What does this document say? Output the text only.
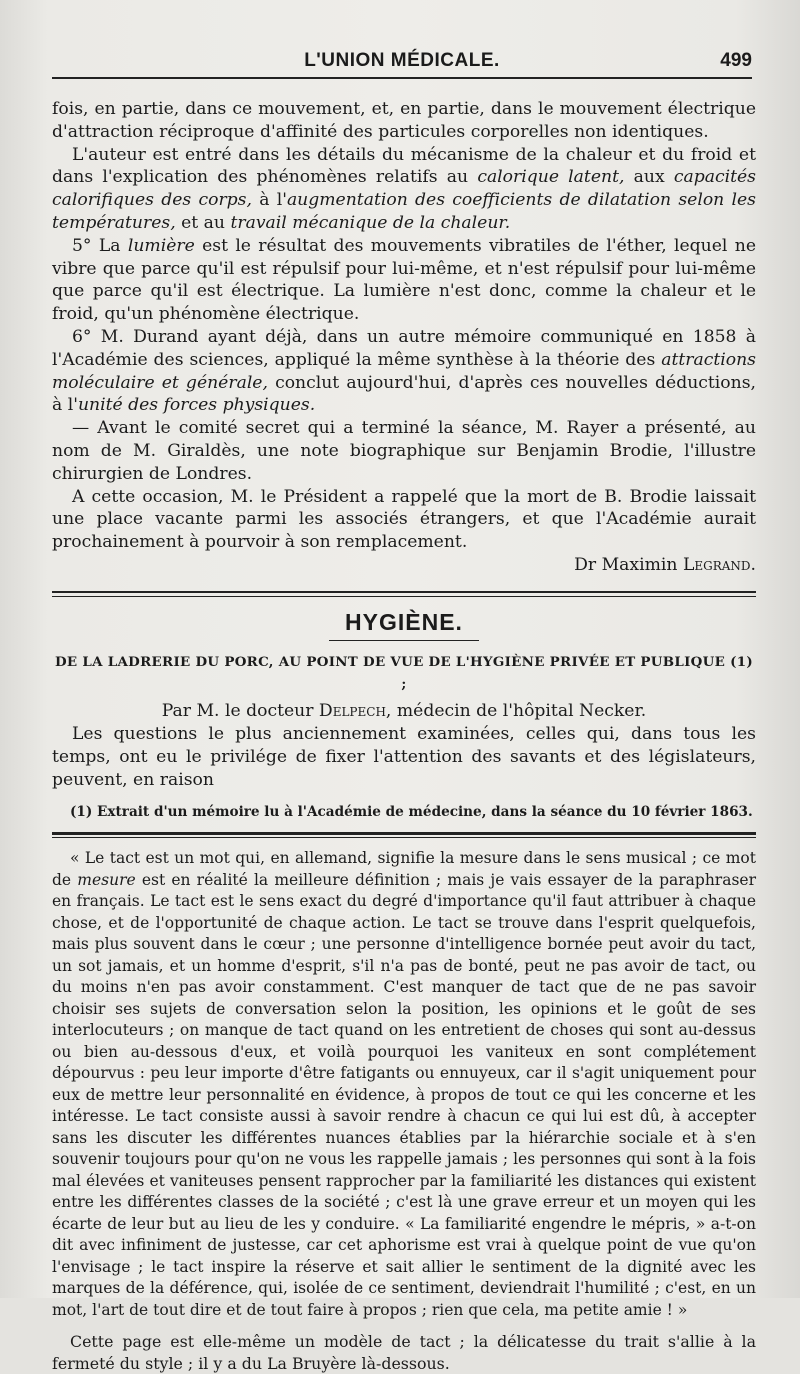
L'UNION MÉDICALE.	499

fois, en partie, dans ce mouvement, et, en partie, dans le mouvement électrique d'attraction réciproque d'affinité des particules corporelles non identiques.

L'auteur est entré dans les détails du mécanisme de la chaleur et du froid et dans l'explication des phénomènes relatifs au calorique latent, aux capacités calorifiques des corps, à l'augmentation des coefficients de dilatation selon les températures, et au travail mécanique de la chaleur.

5° La lumière est le résultat des mouvements vibratiles de l'éther, lequel ne vibre que parce qu'il est répulsif pour lui-même, et n'est répulsif pour lui-même que parce qu'il est électrique. La lumière n'est donc, comme la chaleur et le froid, qu'un phénomène électrique.

6° M. Durand ayant déjà, dans un autre mémoire communiqué en 1858 à l'Académie des sciences, appliqué la même synthèse à la théorie des attractions moléculaire et générale, conclut aujourd'hui, d'après ces nouvelles déductions, à l'unité des forces physiques.

— Avant le comité secret qui a terminé la séance, M. Rayer a présenté, au nom de M. Giraldès, une note biographique sur Benjamin Brodie, l'illustre chirurgien de Londres.

A cette occasion, M. le Président a rappelé que la mort de B. Brodie laissait une place vacante parmi les associés étrangers, et que l'Académie aurait prochainement à pourvoir à son remplacement.

Dr Maximin Legrand.
HYGIÈNE.
DE LA LADRERIE DU PORC, AU POINT DE VUE DE L'HYGIÈNE PRIVÉE ET PUBLIQUE (1) ;
Par M. le docteur Delpech, médecin de l'hôpital Necker.

Les questions le plus anciennement examinées, celles qui, dans tous les temps, ont eu le privilége de fixer l'attention des savants et des législateurs, peuvent, en raison

(1) Extrait d'un mémoire lu à l'Académie de médecine, dans la séance du 10 février 1863.

« Le tact est un mot qui, en allemand, signifie la mesure dans le sens musical ; ce mot de mesure est en réalité la meilleure définition ; mais je vais essayer de la paraphraser en français. Le tact est le sens exact du degré d'importance qu'il faut attribuer à chaque chose, et de l'opportunité de chaque action. Le tact se trouve dans l'esprit quelquefois, mais plus souvent dans le cœur ; une personne d'intelligence bornée peut avoir du tact, un sot jamais, et un homme d'esprit, s'il n'a pas de bonté, peut ne pas avoir de tact, ou du moins n'en pas avoir constamment. C'est manquer de tact que de ne pas savoir choisir ses sujets de conversation selon la position, les opinions et le goût de ses interlocuteurs ; on manque de tact quand on les entretient de choses qui sont au-dessus ou bien au-dessous d'eux, et voilà pourquoi les vaniteux en sont complétement dépourvus : peu leur importe d'être fatigants ou ennuyeux, car il s'agit uniquement pour eux de mettre leur personnalité en évidence, à propos de tout ce qui les concerne et les intéresse. Le tact consiste aussi à savoir rendre à chacun ce qui lui est dû, à accepter sans les discuter les différentes nuances établies par la hiérarchie sociale et à s'en souvenir toujours pour qu'on ne vous les rappelle jamais ; les personnes qui sont à la fois mal élevées et vaniteuses pensent rapprocher par la familiarité les distances qui existent entre les différentes classes de la société ; c'est là une grave erreur et un moyen qui les écarte de leur but au lieu de les y conduire. « La familiarité engendre le mépris, » a-t-on dit avec infiniment de justesse, car cet aphorisme est vrai à quelque point de vue qu'on l'envisage ; le tact inspire la réserve et sait allier le sentiment de la dignité avec les marques de la déférence, qui, isolée de ce sentiment, deviendrait l'humilité ; c'est, en un mot, l'art de tout dire et de tout faire à propos ; rien que cela, ma petite amie ! »

Cette page est elle-même un modèle de tact ; la délicatesse du trait s'allie à la fermeté du style ; il y a du La Bruyère là-dessous.
